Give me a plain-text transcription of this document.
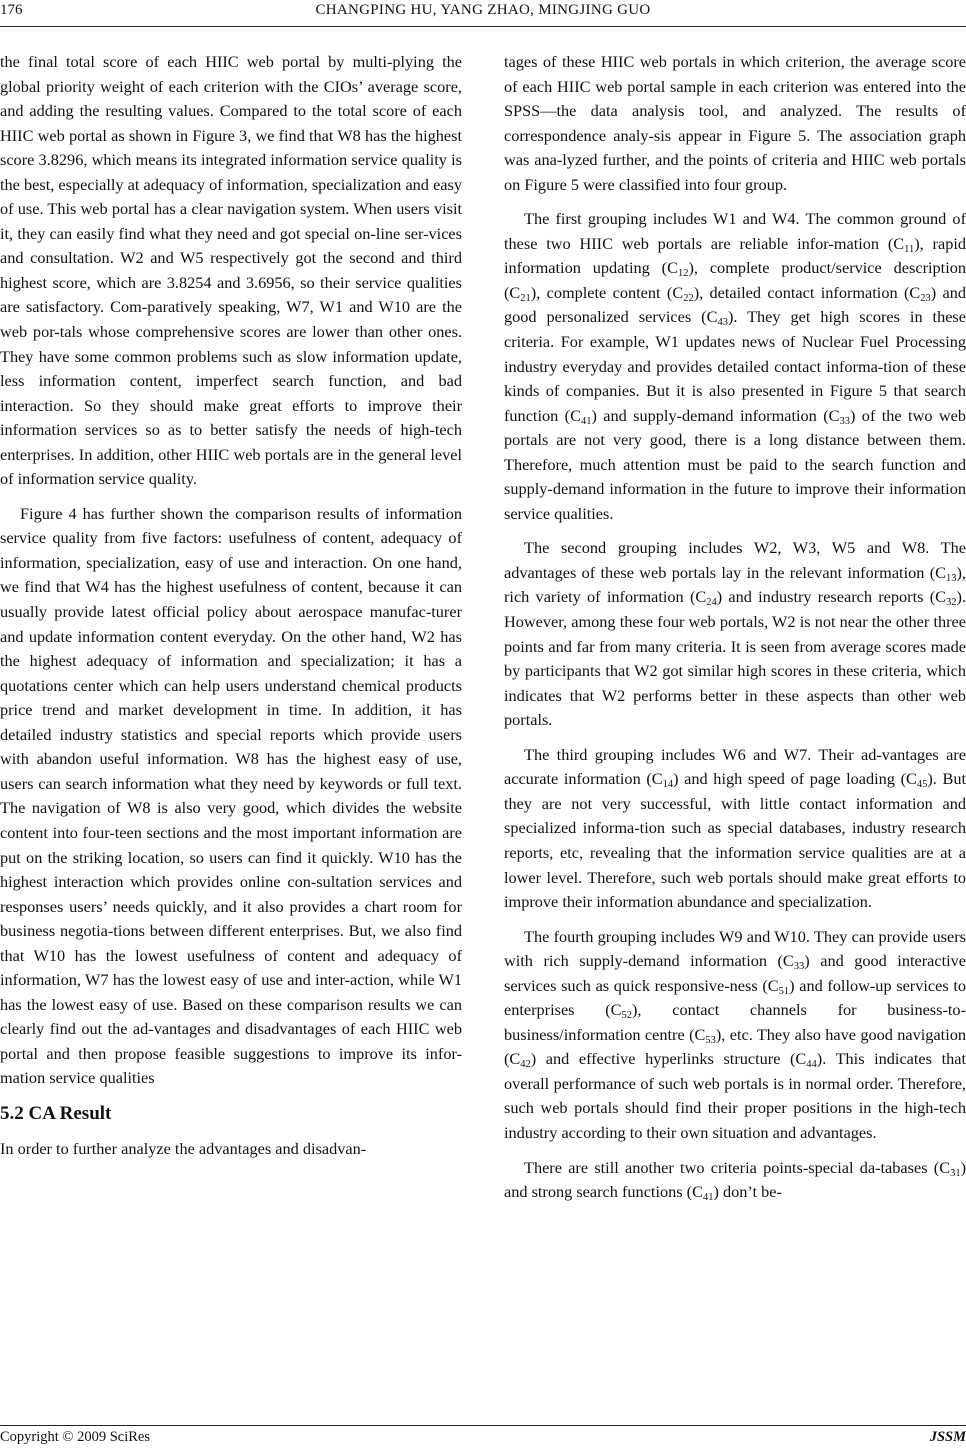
176	CHANGPING HU, YANG ZHAO, MINGJING GUO

the final total score of each HIIC web portal by multi-plying the global priority weight of each criterion with the CIOs’ average score, and adding the resulting values. Compared to the total score of each HIIC web portal as shown in Figure 3, we find that W8 has the highest score 3.8296, which means its integrated information service quality is the best, especially at adequacy of information, specialization and easy of use. This web portal has a clear navigation system. When users visit it, they can easily find what they need and got special on-line ser-vices and consultation. W2 and W5 respectively got the second and third highest score, which are 3.8254 and 3.6956, so their service qualities are satisfactory. Com-paratively speaking, W7, W1 and W10 are the web por-tals whose comprehensive scores are lower than other ones. They have some common problems such as slow information update, less information content, imperfect search function, and bad interaction. So they should make great efforts to improve their information services so as to better satisfy the needs of high-tech enterprises. In addition, other HIIC web portals are in the general level of information service quality.

Figure 4 has further shown the comparison results of information service quality from five factors: usefulness of content, adequacy of information, specialization, easy of use and interaction. On one hand, we find that W4 has the highest usefulness of content, because it can usually provide latest official policy about aerospace manufac-turer and update information content everyday. On the other hand, W2 has the highest adequacy of information and specialization; it has a quotations center which can help users understand chemical products price trend and market development in time. In addition, it has detailed industry statistics and special reports which provide users with abandon useful information. W8 has the highest easy of use, users can search information what they need by keywords or full text. The navigation of W8 is also very good, which divides the website content into four-teen sections and the most important information are put on the striking location, so users can find it quickly. W10 has the highest interaction which provides online con-sultation services and responses users’ needs quickly, and it also provides a chart room for business negotia-tions between different enterprises. But, we also find that W10 has the lowest usefulness of content and adequacy of information, W7 has the lowest easy of use and inter-action, while W1 has the lowest easy of use. Based on these comparison results we can clearly find out the ad-vantages and disadvantages of each HIIC web portal and then propose feasible suggestions to improve its infor-mation service qualities

5.2 CA Result

In order to further analyze the advantages and disadvan-

tages of these HIIC web portals in which criterion, the average score of each HIIC web portal sample in each criterion was entered into the SPSS—the data analysis tool, and analyzed. The results of correspondence analy-sis appear in Figure 5. The association graph was ana-lyzed further, and the points of criteria and HIIC web portals on Figure 5 were classified into four group.

The first grouping includes W1 and W4. The common ground of these two HIIC web portals are reliable infor-mation $(C_{11})$, rapid information updating $(C_{12})$, complete product/service description $(C_{21})$, complete content $(C_{22})$, detailed contact information $(C_{23})$ and good personalized services $(C_{43})$. They get high scores in these criteria. For example, W1 updates news of Nuclear Fuel Processing industry everyday and provides detailed contact informa-tion of these kinds of companies. But it is also presented in Figure 5 that search function $(C_{41})$ and supply-demand information $(C_{33})$ of the two web portals are not very good, there is a long distance between them. Therefore, much attention must be paid to the search function and supply-demand information in the future to improve their information service qualities.

The second grouping includes W2, W3, W5 and W8. The advantages of these web portals lay in the relevant information $(C_{13})$, rich variety of information $(C_{24})$ and industry research reports $(C_{32})$. However, among these four web portals, W2 is not near the other three points and far from many criteria. It is seen from average scores made by participants that W2 got similar high scores in these criteria, which indicates that W2 performs better in these aspects than other web portals.

The third grouping includes W6 and W7. Their ad-vantages are accurate information $(C_{14})$ and high speed of page loading $(C_{45})$. But they are not very successful, with little contact information and specialized informa-tion such as special databases, industry research reports, etc, revealing that the information service qualities are at a lower level. Therefore, such web portals should make great efforts to improve their information abundance and specialization.

The fourth grouping includes W9 and W10. They can provide users with rich supply-demand information $(C_{33})$ and good interactive services such as quick responsive-ness $(C_{51})$ and follow-up services to enterprises $(C_{52})$, contact channels for business-to-business/information centre $(C_{53})$, etc. They also have good navigation $(C_{42})$ and effective hyperlinks structure $(C_{44})$. This indicates that overall performance of such web portals is in normal order. Therefore, such web portals should find their proper positions in the high-tech industry according to their own situation and advantages.

There are still another two criteria points-special da-tabases $(C_{31})$ and strong search functions $(C_{41})$ don’t be-

Copyright © 2009 SciRes	JSSM
